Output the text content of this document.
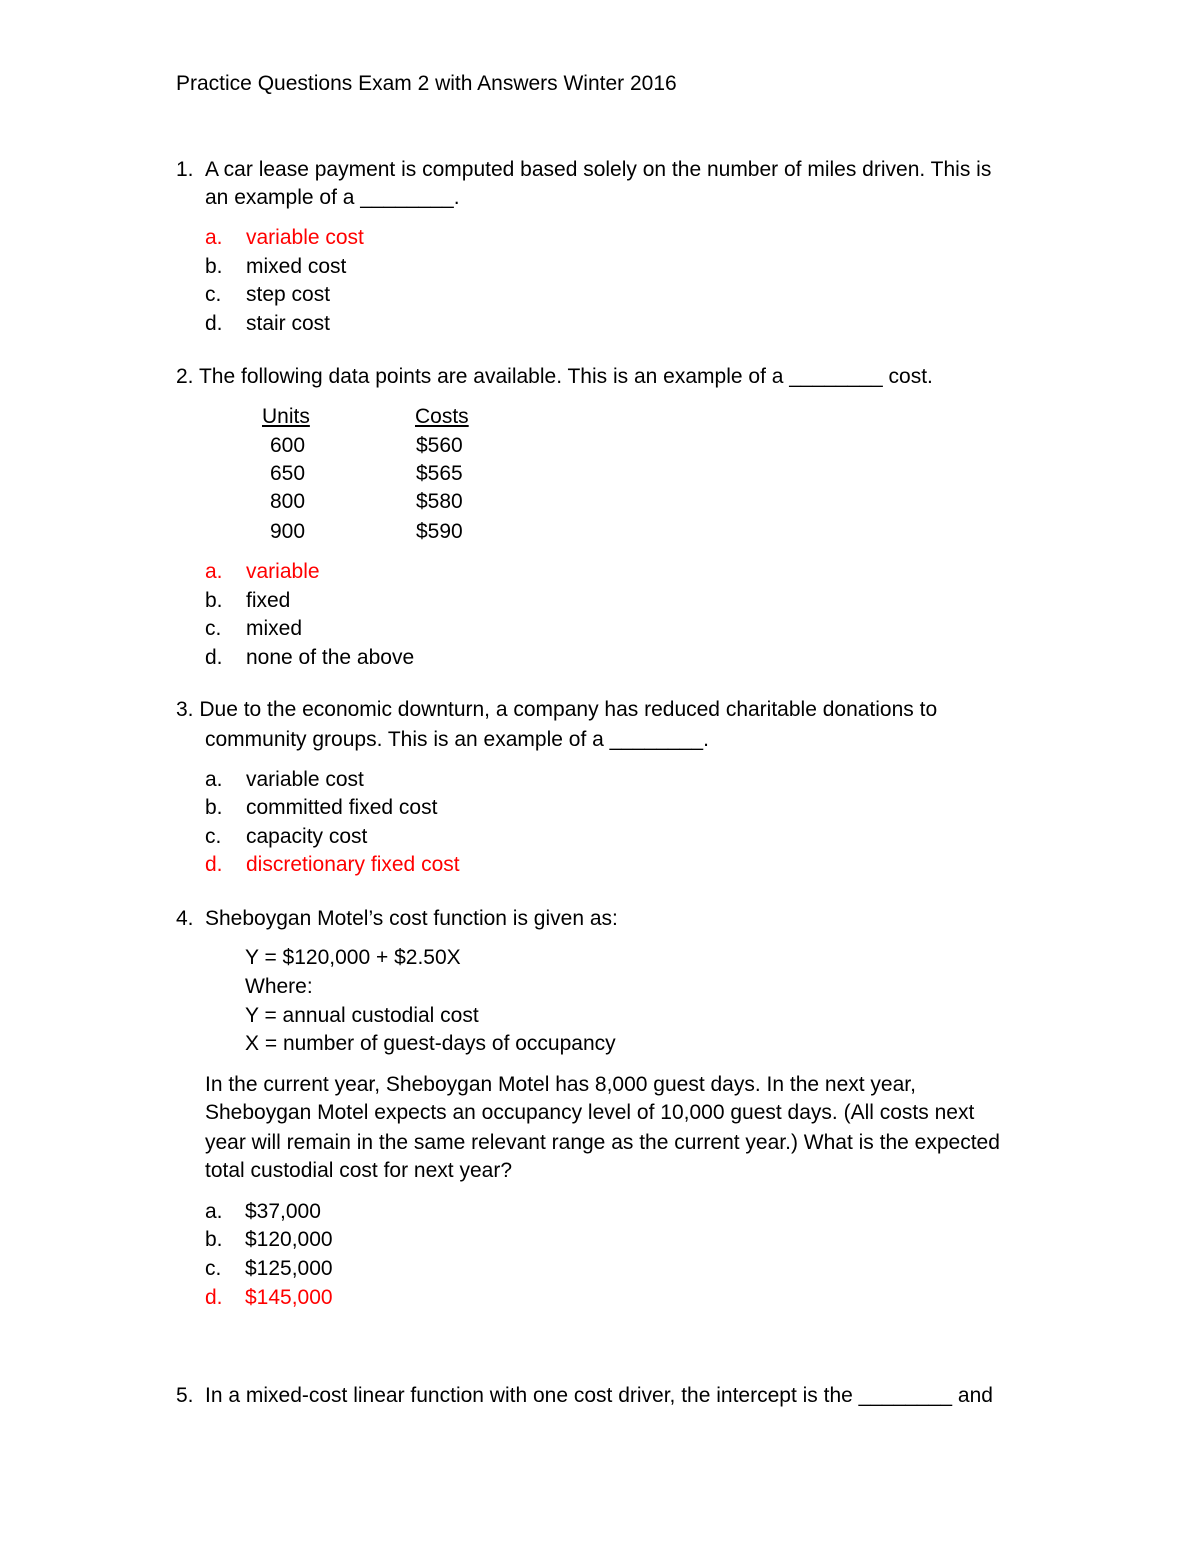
Practice Questions Exam 2 with Answers Winter 2016
1. A car lease payment is computed based solely on the number of miles driven. This is
an example of a ________.
a. variable cost
b. mixed cost
c. step cost
d. stair cost
2. The following data points are available. This is an example of a ________ cost.
Units	Costs
600	$560
650	$565
800	$580
900	$590
a. variable
b. fixed
c. mixed
d. none of the above
3. Due to the economic downturn, a company has reduced charitable donations to
community groups. This is an example of a ________.
a. variable cost
b. committed fixed cost
c. capacity cost
d. discretionary fixed cost
4. Sheboygan Motel’s cost function is given as:
Y = $120,000 + $2.50X
Where:
Y = annual custodial cost
X = number of guest-days of occupancy
In the current year, Sheboygan Motel has 8,000 guest days. In the next year,
Sheboygan Motel expects an occupancy level of 10,000 guest days. (All costs next
year will remain in the same relevant range as the current year.) What is the expected
total custodial cost for next year?
a. $37,000
b. $120,000
c. $125,000
d. $145,000
5. In a mixed-cost linear function with one cost driver, the intercept is the ________ and
